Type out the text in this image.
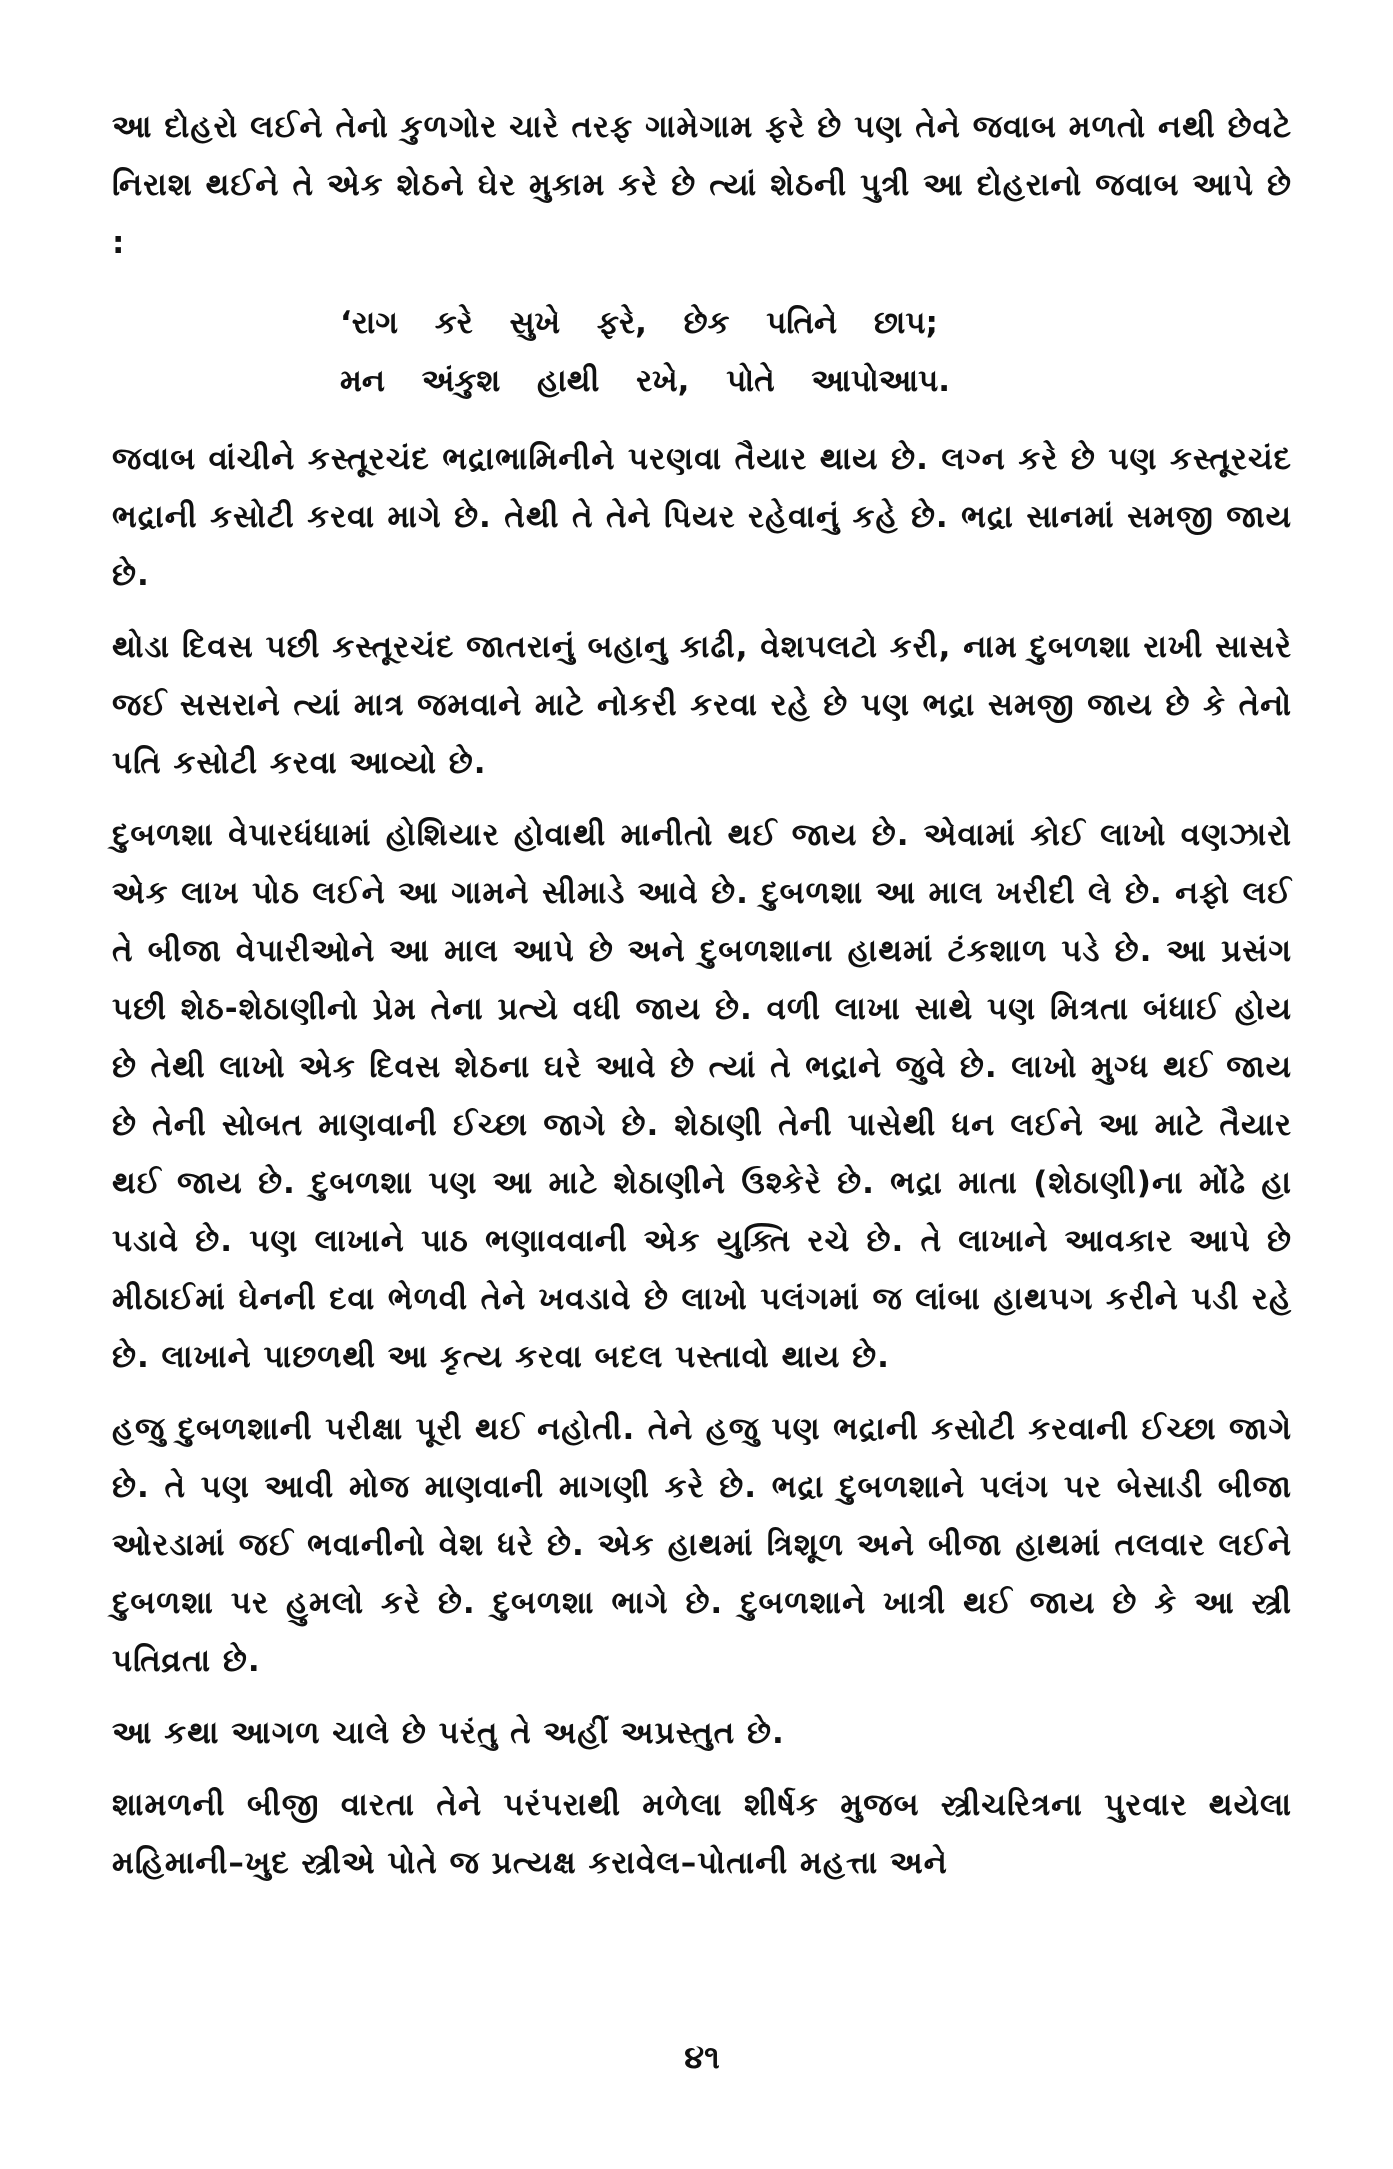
આ દોહરો લઈને તેનો કુળગોર ચારે તરફ ગામેગામ ફરે છે પણ તેને જવાબ મળતો નથી છેવટે નિરાશ થઈને તે એક શેઠને ઘેર મુકામ કરે છે ત્યાં શેઠની પુત્રી આ દોહરાનો જવાબ આપે છે :

‘રાગ કરે સુખે ફરે, છેક પતિને છાપ;
મન અંકુશ હાથી રખે, પોતે આપોઆપ.

જવાબ વાંચીને કસ્તૂરચંદ ભદ્રાભામિનીને પરણવા તૈયાર થાય છે. લગ્ન કરે છે પણ કસ્તૂરચંદ ભદ્રાની કસોટી કરવા માગે છે. તેથી તે તેને પિયર રહેવાનું કહે છે. ભદ્રા સાનમાં સમજી જાય છે.

થોડા દિવસ પછી કસ્તૂરચંદ જાતરાનું બહાનુ કાઢી, વેશપલટો કરી, નામ દુબળશા રાખી સાસરે જઈ સસરાને ત્યાં માત્ર જમવાને માટે નોકરી કરવા રહે છે પણ ભદ્રા સમજી જાય છે કે તેનો પતિ કસોટી કરવા આવ્યો છે.

દુબળશા વેપારધંધામાં હોશિયાર હોવાથી માનીતો થઈ જાય છે. એવામાં કોઈ લાખો વણઝારો એક લાખ પોઠ લઈને આ ગામને સીમાડે આવે છે. દુબળશા આ માલ ખરીદી લે છે. નફો લઈ તે બીજા વેપારીઓને આ માલ આપે છે અને દુબળશાના હાથમાં ટંકશાળ પડે છે. આ પ્રસંગ પછી શેઠ-શેઠાણીનો પ્રેમ તેના પ્રત્યે વધી જાય છે. વળી લાખા સાથે પણ મિત્રતા બંધાઈ હોય છે તેથી લાખો એક દિવસ શેઠના ઘરે આવે છે ત્યાં તે ભદ્રાને જુવે છે. લાખો મુગ્ધ થઈ જાય છે તેની સોબત માણવાની ઈચ્છા જાગે છે. શેઠાણી તેની પાસેથી ધન લઈને આ માટે તૈયાર થઈ જાય છે. દુબળશા પણ આ માટે શેઠાણીને ઉશ્કેરે છે. ભદ્રા માતા (શેઠાણી)ના મોંઢે હા પડાવે છે. પણ લાખાને પાઠ ભણાવવાની એક યુક્તિ રચે છે. તે લાખાને આવકાર આપે છે મીઠાઈમાં ઘેનની દવા ભેળવી તેને ખવડાવે છે લાખો પલંગમાં જ લાંબા હાથપગ કરીને પડી રહે છે. લાખાને પાછળથી આ કૃત્ય કરવા બદલ પસ્તાવો થાય છે.

હજુ દુબળશાની પરીક્ષા પૂરી થઈ નહોતી. તેને હજુ પણ ભદ્રાની કસોટી કરવાની ઈચ્છા જાગે છે. તે પણ આવી મોજ માણવાની માગણી કરે છે. ભદ્રા દુબળશાને પલંગ પર બેસાડી બીજા ઓરડામાં જઈ ભવાનીનો વેશ ધરે છે. એક હાથમાં ત્રિશૂળ અને બીજા હાથમાં તલવાર લઈને દુબળશા પર હુમલો કરે છે. દુબળશા ભાગે છે. દુબળશાને ખાત્રી થઈ જાય છે કે આ સ્ત્રી પતિવ્રતા છે.

આ કથા આગળ ચાલે છે પરંતુ તે અહીં અપ્રસ્તુત છે.

શામળની બીજી વારતા તેને પરંપરાથી મળેલા શીર્ષક મુજબ સ્ત્રીચરિત્રના પુરવાર થયેલા મહિમાની–ખુદ સ્ત્રીએ પોતે જ પ્રત્યક્ષ કરાવેલ–પોતાની મહત્તા અને

૪૧
